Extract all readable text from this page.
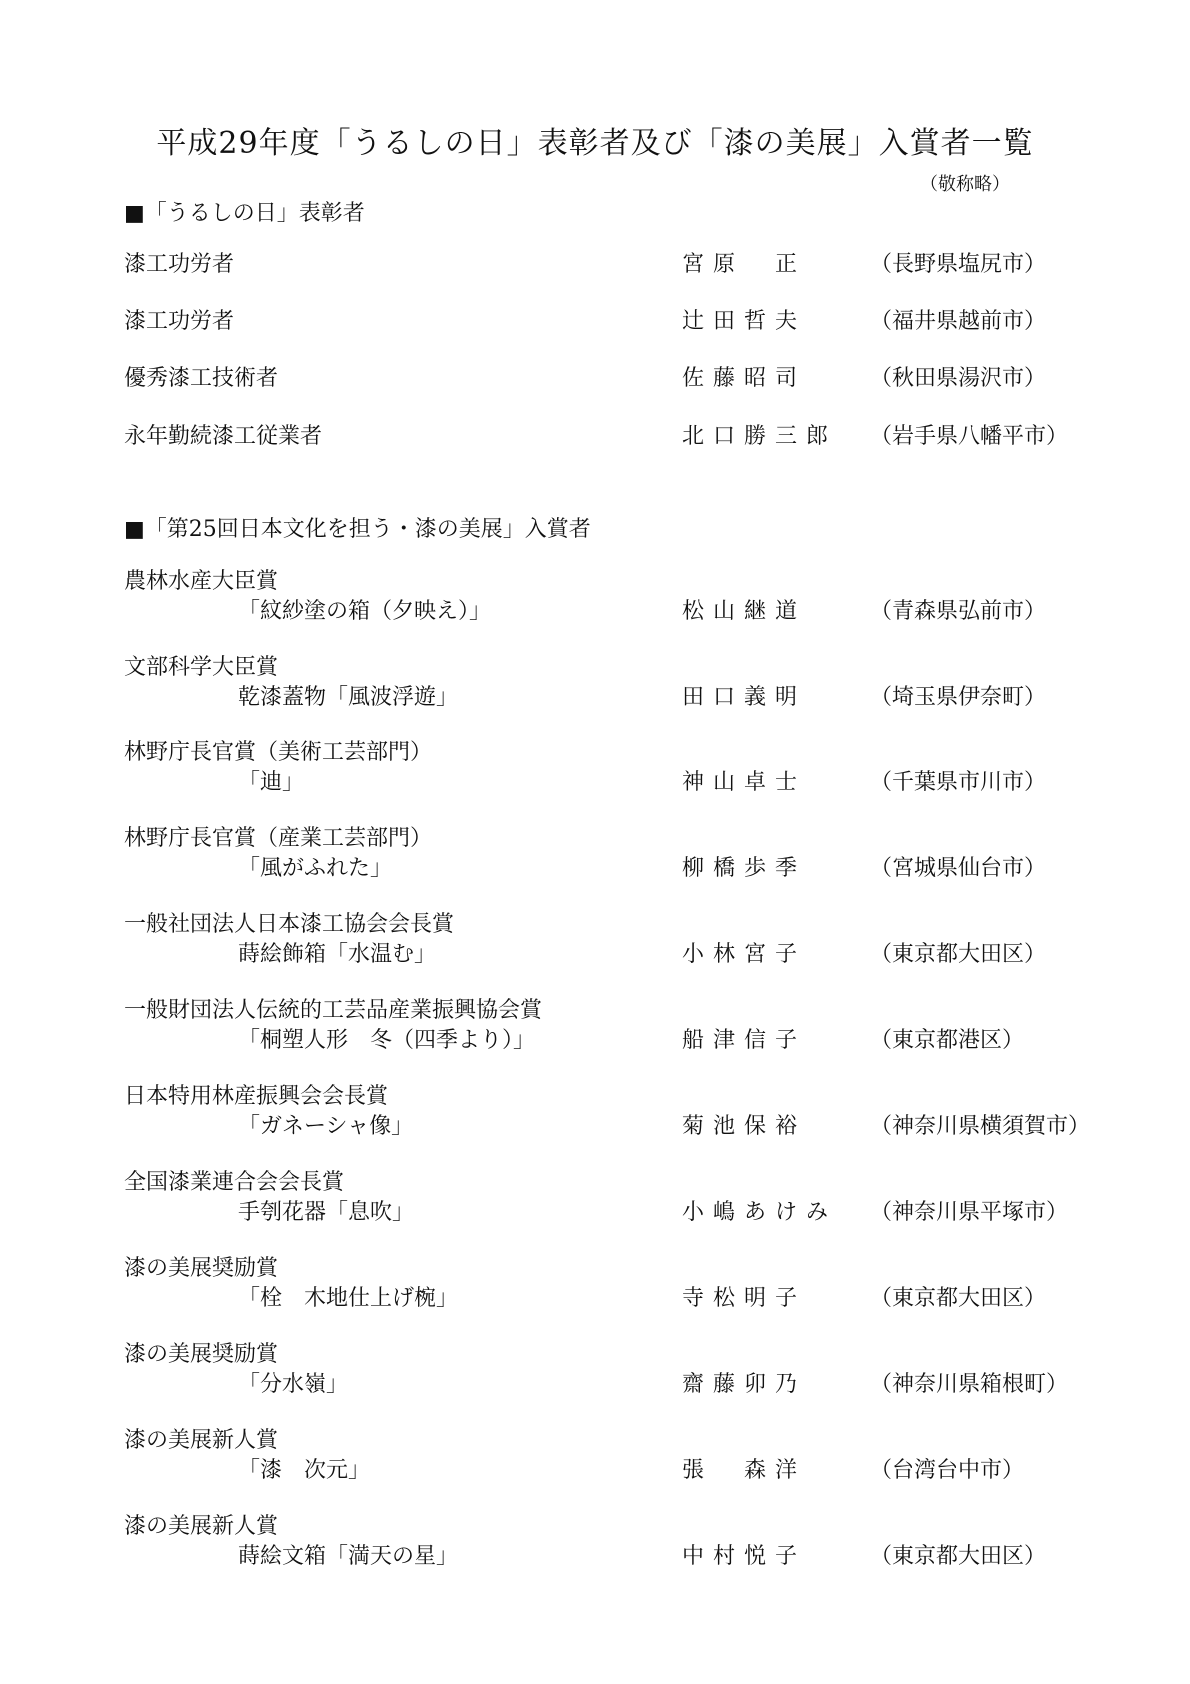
平成29年度「うるしの日」表彰者及び「漆の美展」入賞者一覧
（敬称略）
■「うるしの日」表彰者
漆工功労者	宮原　正	（長野県塩尻市）
漆工功労者	辻田哲夫	（福井県越前市）
優秀漆工技術者	佐藤昭司	（秋田県湯沢市）
永年勤続漆工従業者	北口勝三郎 （岩手県八幡平市）
■「第25回日本文化を担う・漆の美展」入賞者
農林水産大臣賞
「紋紗塗の箱（夕映え）」	松山継道	（青森県弘前市）
文部科学大臣賞
乾漆蓋物「風波浮遊」	田口義明	（埼玉県伊奈町）
林野庁長官賞（美術工芸部門）
「迪」	神山卓士	（千葉県市川市）
林野庁長官賞（産業工芸部門）
「風がふれた」	柳橋歩季	（宮城県仙台市）
一般社団法人日本漆工協会会長賞
蒔絵飾箱「水温む」	小林宮子	（東京都大田区）
一般財団法人伝統的工芸品産業振興協会賞
「桐塑人形　冬（四季より）」	船津信子	（東京都港区）
日本特用林産振興会会長賞
「ガネーシャ像」	菊池保裕	（神奈川県横須賀市）
全国漆業連合会会長賞
手刳花器「息吹」	小嶋あけみ （神奈川県平塚市）
漆の美展奨励賞
「栓　木地仕上げ椀」	寺松明子	（東京都大田区）
漆の美展奨励賞
「分水嶺」	齋藤卯乃	（神奈川県箱根町）
漆の美展新人賞
「漆　次元」	張　森洋	（台湾台中市）
漆の美展新人賞
蒔絵文箱「満天の星」	中村悦子	（東京都大田区）
